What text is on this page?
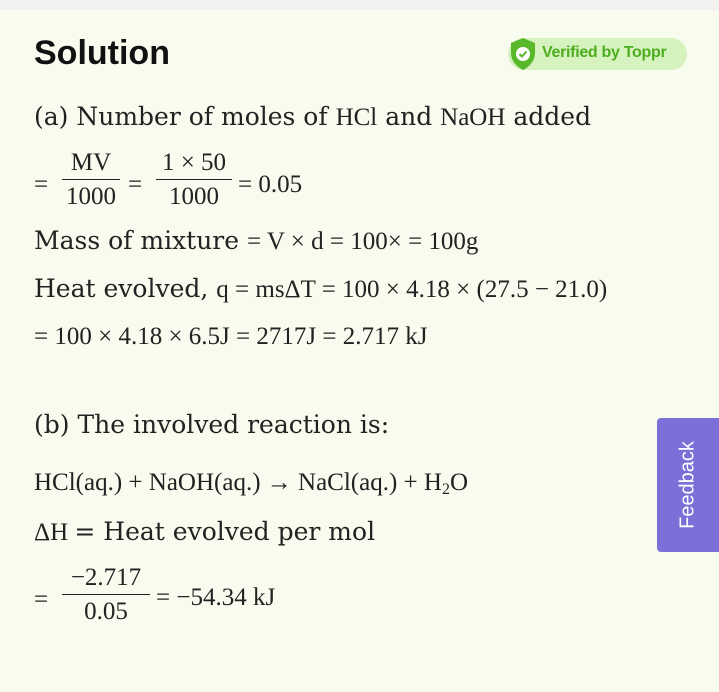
Solution	Verified by Toppr
(a) Number of moles of HCl and NaOH added
= $\frac{MV}{1000} = \frac{1 \times 50}{1000} = 0.05$
Mass of mixture = V × d = 100× = 100g
Heat evolved, q = msΔT = 100 × 4.18 × (27.5 − 21.0)
= 100 × 4.18 × 6.5J = 2717J = 2.717 kJ
(b) The involved reaction is:
HCl(aq.) + NaOH(aq.) → NaCl(aq.) + $H_2O$
ΔH = Heat evolved per mol
= $\frac{-2.717}{0.05} = -54.34$ kJ
Feedback
